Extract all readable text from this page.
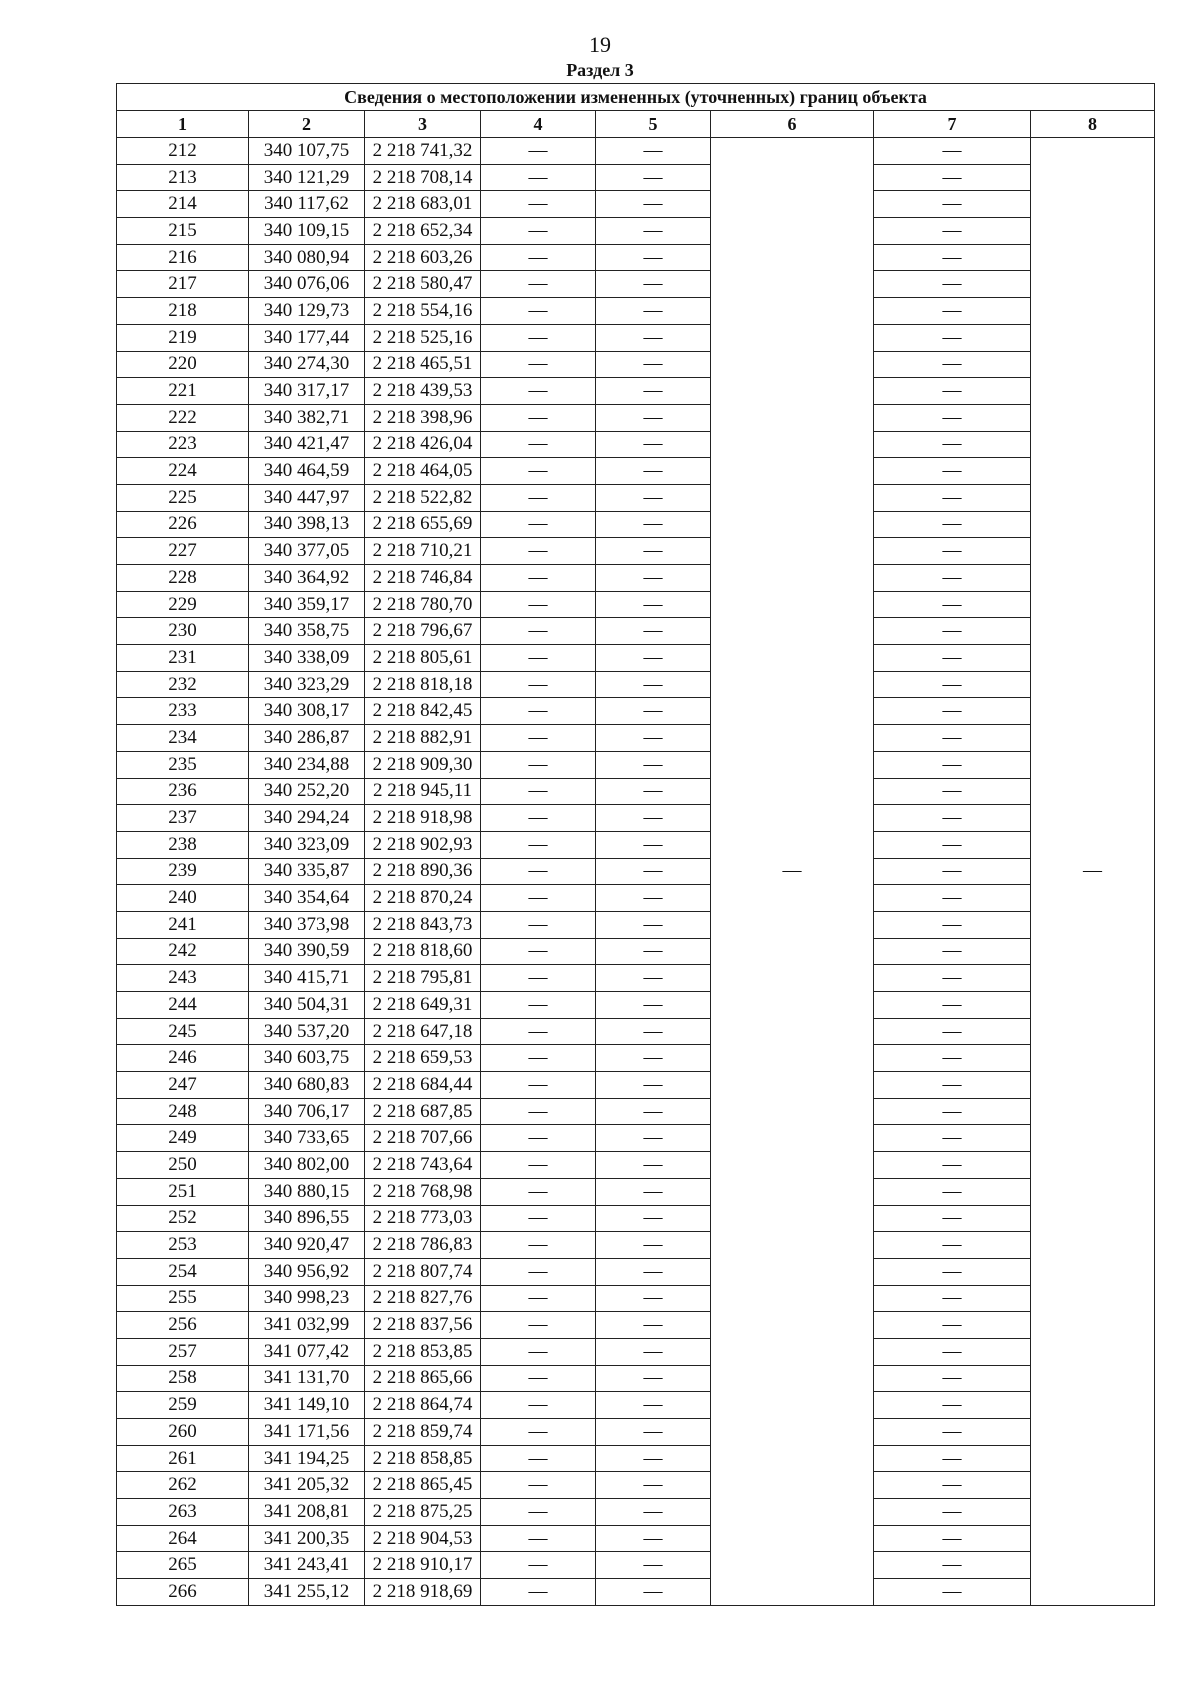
19
Раздел 3
Сведения о местоположении измененных (уточненных) границ объекта							
1	2	3	4	5	6	7	8
212	340 107,75	2 218 741,32	—	—	—	—	—
213	340 121,29	2 218 708,14	—	—		—	
214	340 117,62	2 218 683,01	—	—		—	
215	340 109,15	2 218 652,34	—	—		—	
216	340 080,94	2 218 603,26	—	—		—	
217	340 076,06	2 218 580,47	—	—		—	
218	340 129,73	2 218 554,16	—	—		—	
219	340 177,44	2 218 525,16	—	—		—	
220	340 274,30	2 218 465,51	—	—		—	
221	340 317,17	2 218 439,53	—	—		—	
222	340 382,71	2 218 398,96	—	—		—	
223	340 421,47	2 218 426,04	—	—		—	
224	340 464,59	2 218 464,05	—	—		—	
225	340 447,97	2 218 522,82	—	—		—	
226	340 398,13	2 218 655,69	—	—		—	
227	340 377,05	2 218 710,21	—	—		—	
228	340 364,92	2 218 746,84	—	—		—	
229	340 359,17	2 218 780,70	—	—		—	
230	340 358,75	2 218 796,67	—	—		—	
231	340 338,09	2 218 805,61	—	—		—	
232	340 323,29	2 218 818,18	—	—		—	
233	340 308,17	2 218 842,45	—	—		—	
234	340 286,87	2 218 882,91	—	—		—	
235	340 234,88	2 218 909,30	—	—		—	
236	340 252,20	2 218 945,11	—	—		—	
237	340 294,24	2 218 918,98	—	—		—	
238	340 323,09	2 218 902,93	—	—		—	
239	340 335,87	2 218 890,36	—	—		—	
240	340 354,64	2 218 870,24	—	—		—	
241	340 373,98	2 218 843,73	—	—		—	
242	340 390,59	2 218 818,60	—	—		—	
243	340 415,71	2 218 795,81	—	—		—	
244	340 504,31	2 218 649,31	—	—		—	
245	340 537,20	2 218 647,18	—	—		—	
246	340 603,75	2 218 659,53	—	—		—	
247	340 680,83	2 218 684,44	—	—		—	
248	340 706,17	2 218 687,85	—	—		—	
249	340 733,65	2 218 707,66	—	—		—	
250	340 802,00	2 218 743,64	—	—		—	
251	340 880,15	2 218 768,98	—	—		—	
252	340 896,55	2 218 773,03	—	—		—	
253	340 920,47	2 218 786,83	—	—		—	
254	340 956,92	2 218 807,74	—	—		—	
255	340 998,23	2 218 827,76	—	—		—	
256	341 032,99	2 218 837,56	—	—		—	
257	341 077,42	2 218 853,85	—	—		—	
258	341 131,70	2 218 865,66	—	—		—	
259	341 149,10	2 218 864,74	—	—		—	
260	341 171,56	2 218 859,74	—	—		—	
261	341 194,25	2 218 858,85	—	—		—	
262	341 205,32	2 218 865,45	—	—		—	
263	341 208,81	2 218 875,25	—	—		—	
264	341 200,35	2 218 904,53	—	—		—	
265	341 243,41	2 218 910,17	—	—		—	
266	341 255,12	2 218 918,69	—	—		—	
